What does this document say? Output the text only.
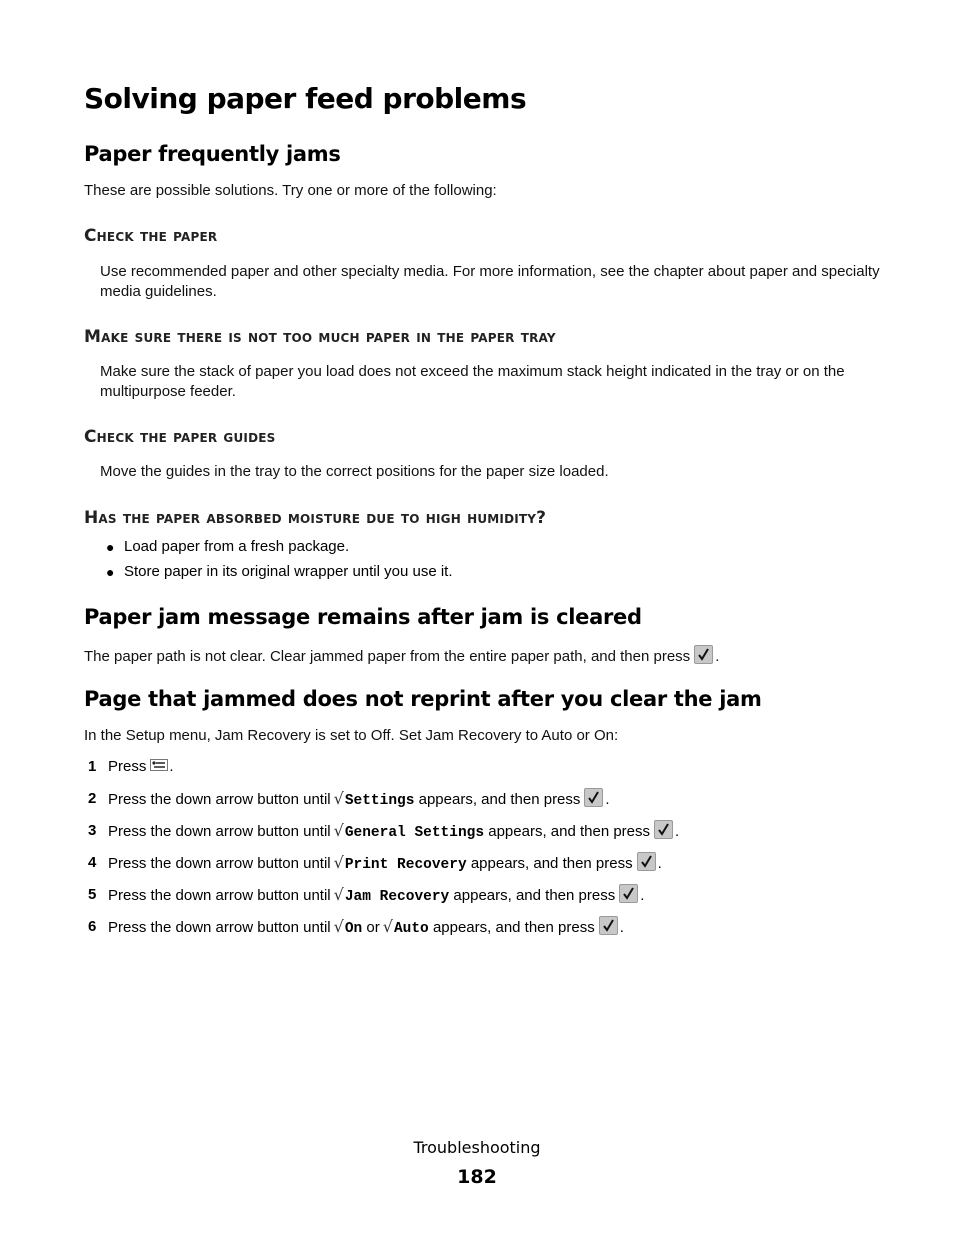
Solving paper feed problems
Paper frequently jams

These are possible solutions. Try one or more of the following:

Check the paper

Use recommended paper and other specialty media. For more information, see the chapter about paper and specialty media guidelines.

Make sure there is not too much paper in the paper tray

Make sure the stack of paper you load does not exceed the maximum stack height indicated in the tray or on the multipurpose feeder.

Check the paper guides

Move the guides in the tray to the correct positions for the paper size loaded.

Has the paper absorbed moisture due to high humidity?
● Load paper from a fresh package.
● Store paper in its original wrapper until you use it.
Paper jam message remains after jam is cleared

The paper path is not clear. Clear jammed paper from the entire paper path, and then press .

Page that jammed does not reprint after you clear the jam

In the Setup menu, Jam Recovery is set to Off. Set Jam Recovery to Auto or On:

1 Press .
2 Press the down arrow button until √Settings appears, and then press .
3 Press the down arrow button until √General Settings appears, and then press .
4 Press the down arrow button until √Print Recovery appears, and then press .
5 Press the down arrow button until √Jam Recovery appears, and then press .
6 Press the down arrow button until √On or √Auto appears, and then press .
Troubleshooting
182
